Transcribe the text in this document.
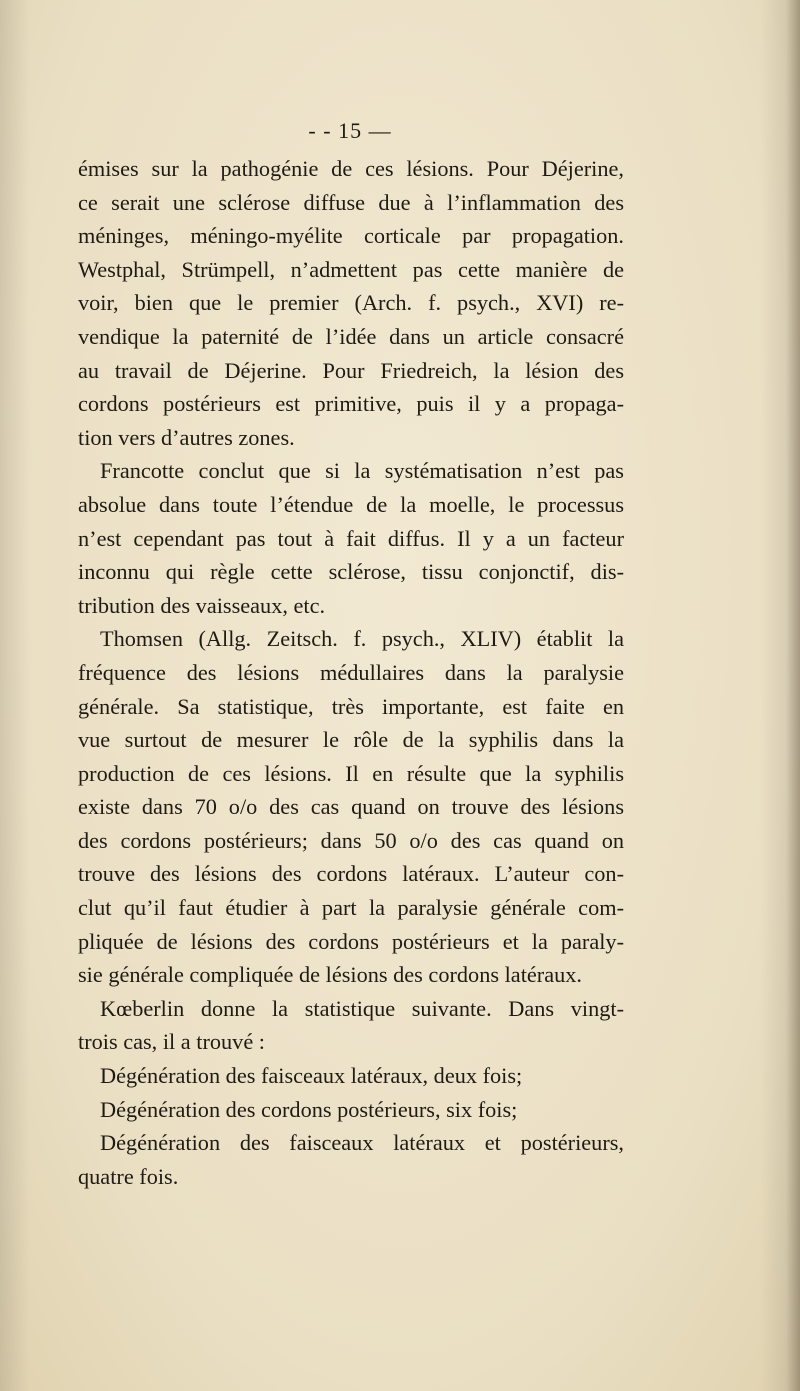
- - 15 —
émises sur la pathogénie de ces lésions. Pour Déjerine,
ce serait une sclérose diffuse due à l’inflammation des
méninges, méningo-myélite corticale par propagation.
Westphal, Strümpell, n’admettent pas cette manière de
voir, bien que le premier (Arch. f. psych., XVI) re-
vendique la paternité de l’idée dans un article consacré
au travail de Déjerine. Pour Friedreich, la lésion des
cordons postérieurs est primitive, puis il y a propaga-
tion vers d’autres zones.
Francotte conclut que si la systématisation n’est pas
absolue dans toute l’étendue de la moelle, le processus
n’est cependant pas tout à fait diffus. Il y a un facteur
inconnu qui règle cette sclérose, tissu conjonctif, dis-
tribution des vaisseaux, etc.
Thomsen (Allg. Zeitsch. f. psych., XLIV) établit la
fréquence des lésions médullaires dans la paralysie
générale. Sa statistique, très importante, est faite en
vue surtout de mesurer le rôle de la syphilis dans la
production de ces lésions. Il en résulte que la syphilis
existe dans 70 o/o des cas quand on trouve des lésions
des cordons postérieurs; dans 50 o/o des cas quand on
trouve des lésions des cordons latéraux. L’auteur con-
clut qu’il faut étudier à part la paralysie générale com-
pliquée de lésions des cordons postérieurs et la paraly-
sie générale compliquée de lésions des cordons latéraux.
Kœberlin donne la statistique suivante. Dans vingt-
trois cas, il a trouvé :
Dégénération des faisceaux latéraux, deux fois;
Dégénération des cordons postérieurs, six fois;
Dégénération des faisceaux latéraux et postérieurs,
quatre fois.
